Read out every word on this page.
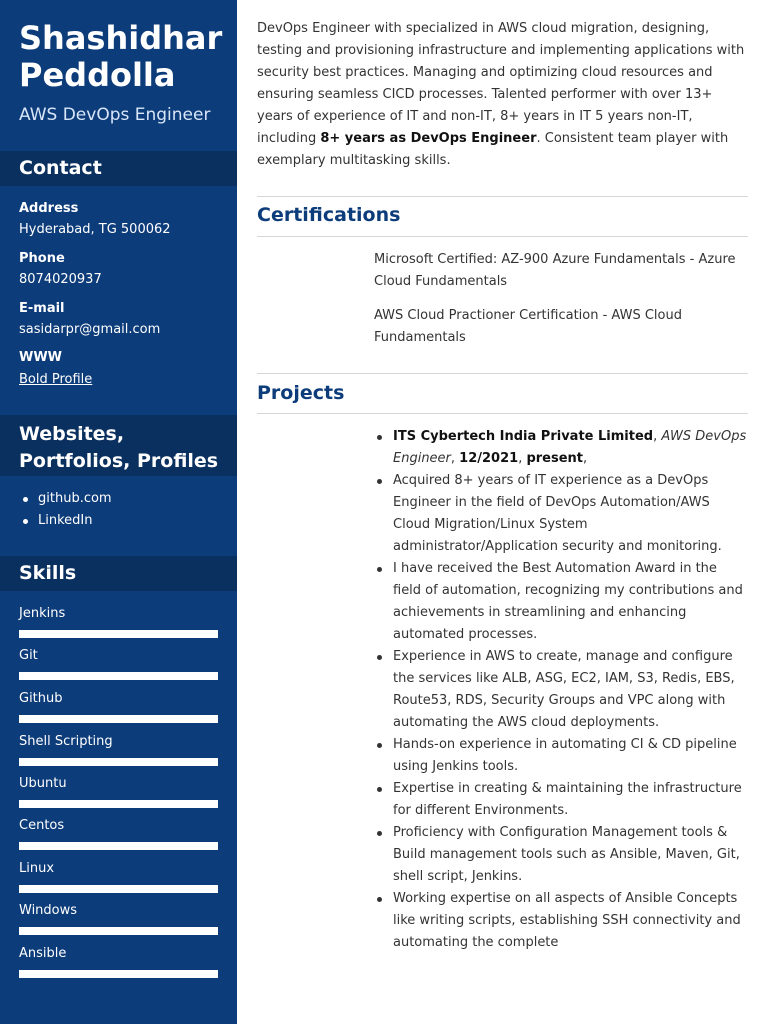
Shashidhar Peddolla
AWS DevOps Engineer
Contact
Address
Hyderabad, TG 500062
Phone
8074020937
E-mail
sasidarpr@gmail.com
WWW
Bold Profile
Websites, Portfolios, Profiles
github.com
LinkedIn
Skills
Jenkins
Git
Github
Shell Scripting
Ubuntu
Centos
Linux
Windows
Ansible

DevOps Engineer with specialized in AWS cloud migration, designing, testing and provisioning infrastructure and implementing applications with security best practices. Managing and optimizing cloud resources and ensuring seamless CICD processes. Talented performer with over 13+ years of experience of IT and non-IT, 8+ years in IT 5 years non-IT, including 8+ years as DevOps Engineer. Consistent team player with exemplary multitasking skills.

Certifications
Microsoft Certified: AZ-900 Azure Fundamentals - Azure Cloud Fundamentals
AWS Cloud Practioner Certification - AWS Cloud Fundamentals
Projects
ITS Cybertech India Private Limited, AWS DevOps Engineer, 12/2021, present,
Acquired 8+ years of IT experience as a DevOps Engineer in the field of DevOps Automation/AWS Cloud Migration/Linux System administrator/Application security and monitoring.
I have received the Best Automation Award in the field of automation, recognizing my contributions and achievements in streamlining and enhancing automated processes.
Experience in AWS to create, manage and configure the services like ALB, ASG, EC2, IAM, S3, Redis, EBS, Route53, RDS, Security Groups and VPC along with automating the AWS cloud deployments.
Hands-on experience in automating CI & CD pipeline using Jenkins tools.
Expertise in creating & maintaining the infrastructure for different Environments.
Proficiency with Configuration Management tools & Build management tools such as Ansible, Maven, Git, shell script, Jenkins.
Working expertise on all aspects of Ansible Concepts like writing scripts, establishing SSH connectivity and automating the complete
